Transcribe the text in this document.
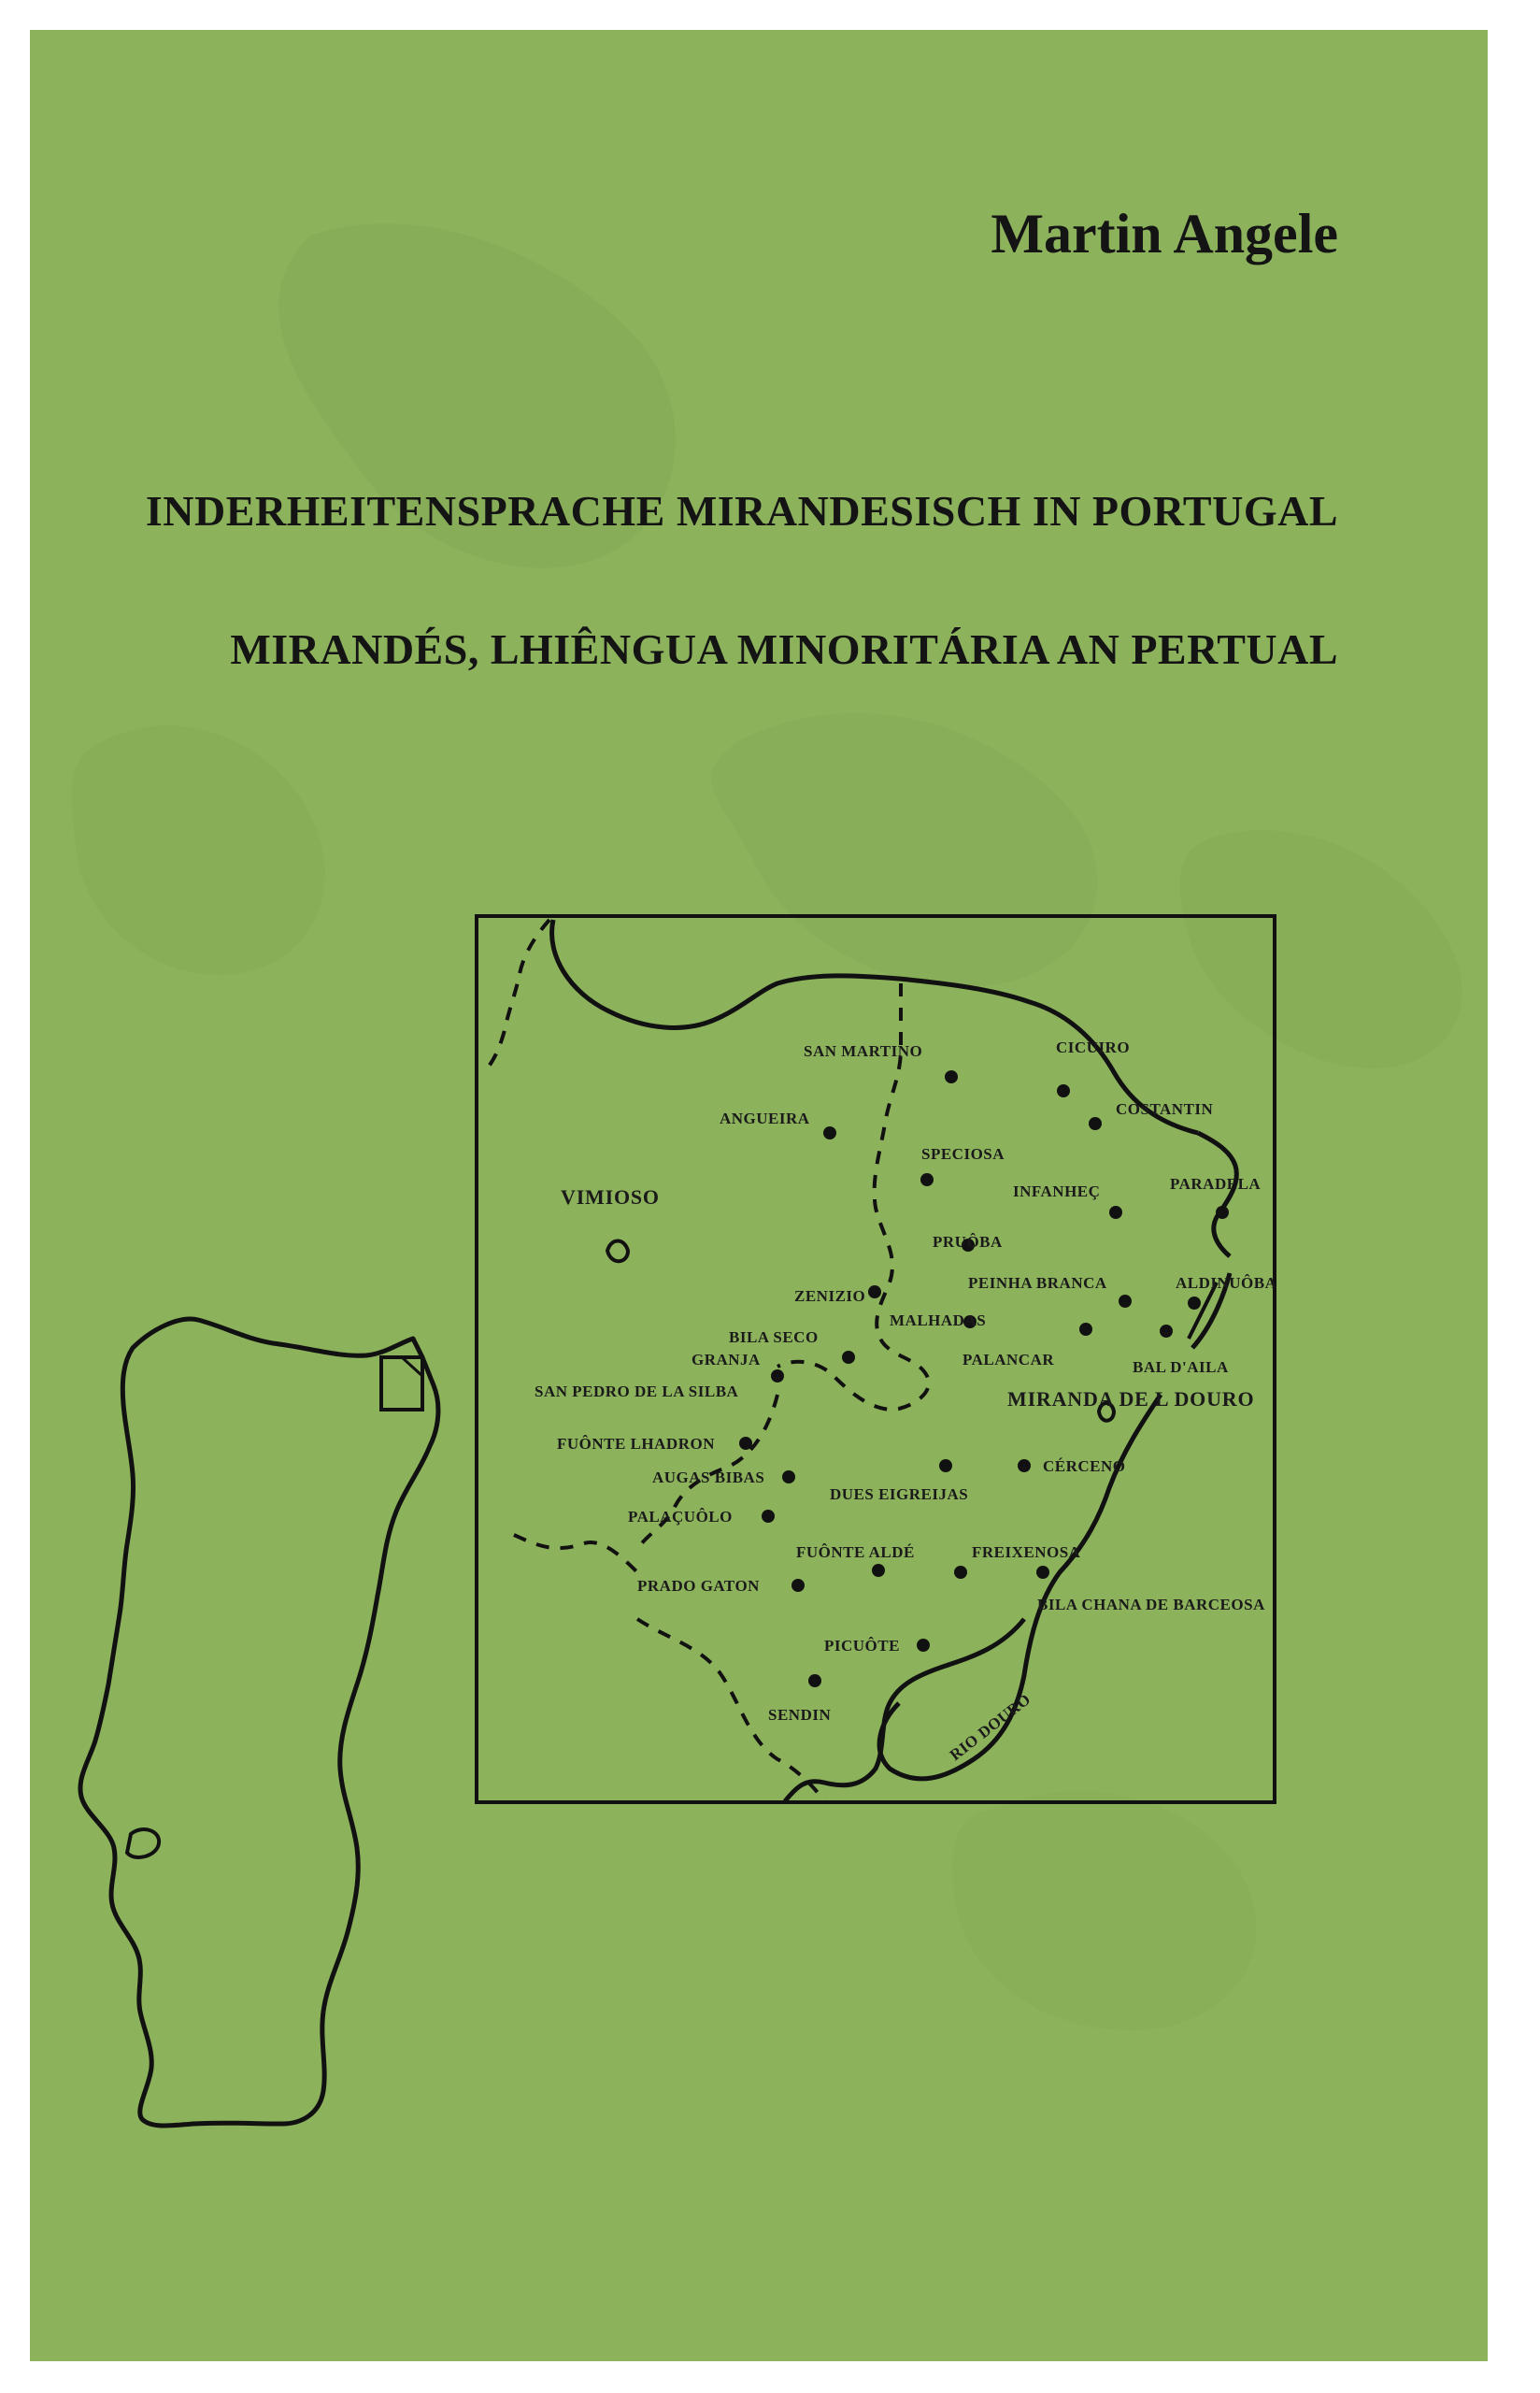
Martin Angele
INDERHEITENSPRACHE MIRANDESISCH IN PORTUGAL
MIRANDÉS, LHIÊNGUA MINORITÁRIA AN PERTUAL
SAN MARTINO	CICUIRO
COSTANTIN
ANGUEIRA
SPECIOSA
VIMIOSO	INFANHEÇ	PARADELA
PRUÔBA
ZENIZIO
PEINHA BRANCA	ALDINUÔBA
MALHADAS
BILA SECO
GRANJA	PALANCAR	BAL D'AILA
SAN PEDRO DE LA SILBA	MIRANDA DE L DOURO
FUÔNTE LHADRON
AUGAS BIBAS
CÉRCENO
DUES EIGREIJAS
PALAÇUÔLO
FUÔNTE ALDÉ	FREIXENOSA
PRADO GATON
BILA CHANA DE BARCEOSA
PICUÔTE
SENDIN	RIO DOURO
